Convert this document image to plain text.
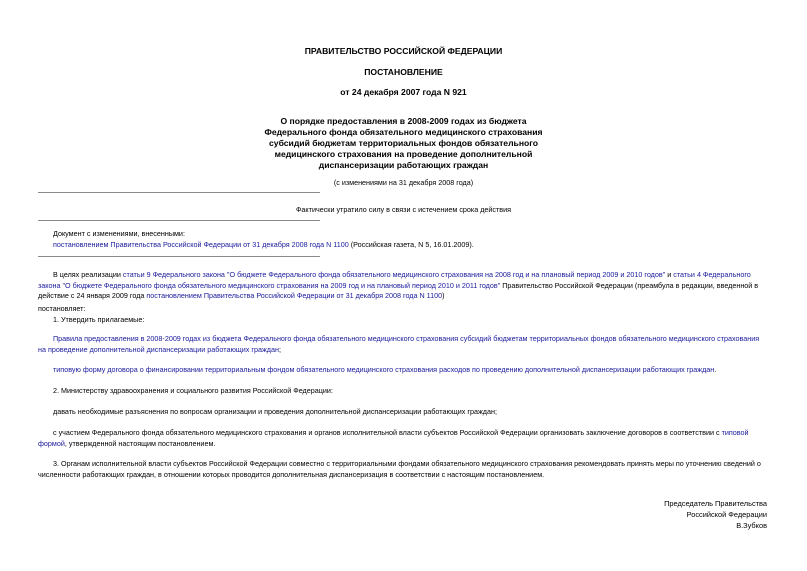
ПРАВИТЕЛЬСТВО РОССИЙСКОЙ ФЕДЕРАЦИИ
ПОСТАНОВЛЕНИЕ
от 24 декабря 2007 года N 921
О порядке предоставления в 2008-2009 годах из бюджета
Федерального фонда обязательного медицинского страхования
субсидий бюджетам территориальных фондов обязательного
медицинского страхования на проведение дополнительной
диспансеризации работающих граждан
(с изменениями на 31 декабря 2008 года)
Фактически утратило силу в связи с истечением срока действия
Документ с изменениями, внесенными:
постановлением Правительства Российской Федерации от 31 декабря 2008 года N 1100 (Российская газета, N 5, 16.01.2009).
В целях реализации статьи 9 Федерального закона "О бюджете Федерального фонда обязательного медицинского страхования на 2008 год и на плановый период 2009 и 2010 годов" и статьи 4 Федерального закона "О бюджете Федерального фонда обязательного медицинского страхования на 2009 год и на плановый период 2010 и 2011 годов" Правительство Российской Федерации (преамбула в редакции, введенной в действие с 24 января 2009 года постановлением Правительства Российской Федерации от 31 декабря 2008 года N 1100)
постановляет:
1. Утвердить прилагаемые:
Правила предоставления в 2008-2009 годах из бюджета Федерального фонда обязательного медицинского страхования субсидий бюджетам территориальных фондов обязательного медицинского страхования на проведение дополнительной диспансеризации работающих граждан;
типовую форму договора о финансировании территориальным фондом обязательного медицинского страхования расходов по проведению дополнительной диспансеризации работающих граждан.
2. Министерству здравоохранения и социального развития Российской Федерации:
давать необходимые разъяснения по вопросам организации и проведения дополнительной диспансеризации работающих граждан;
с участием Федерального фонда обязательного медицинского страхования и органов исполнительной власти субъектов Российской Федерации организовать заключение договоров в соответствии с типовой формой, утвержденной настоящим постановлением.
3. Органам исполнительной власти субъектов Российской Федерации совместно с территориальными фондами обязательного медицинского страхования рекомендовать принять меры по уточнению сведений о численности работающих граждан, в отношении которых проводится дополнительная диспансеризация в соответствии с настоящим постановлением.
Председатель Правительства
Российской Федерации
В.Зубков
